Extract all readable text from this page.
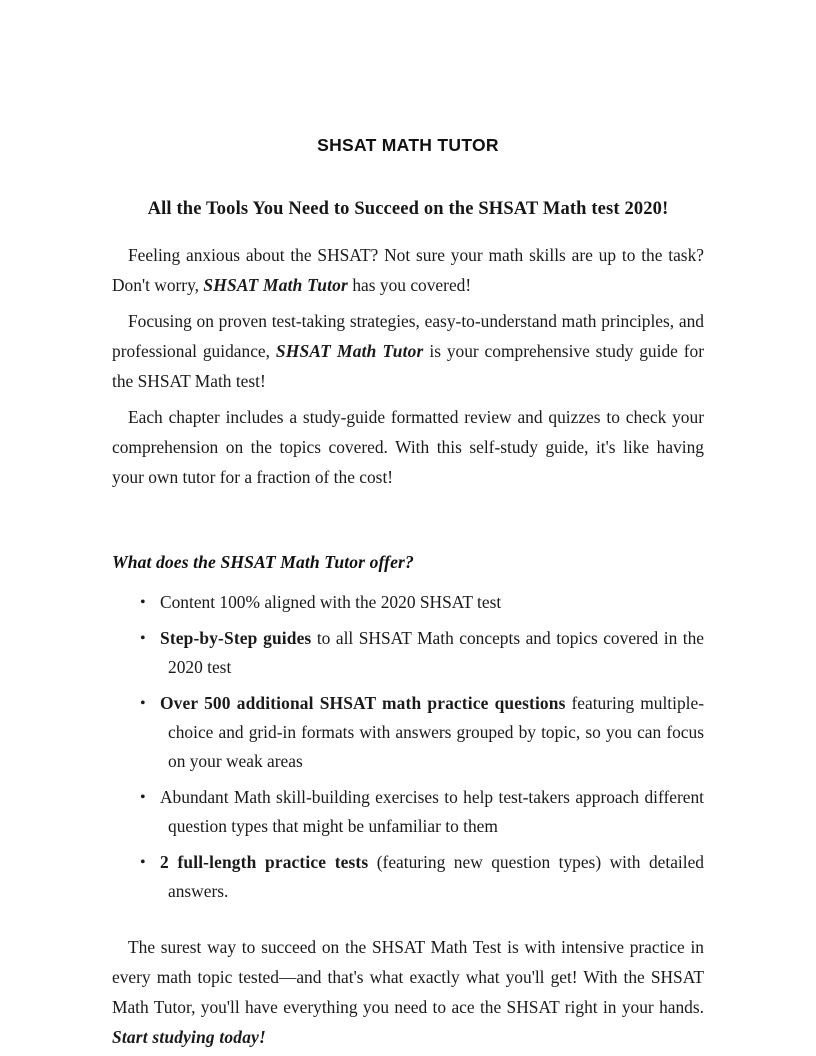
SHSAT MATH TUTOR
All the Tools You Need to Succeed on the SHSAT Math test 2020!

Feeling anxious about the SHSAT? Not sure your math skills are up to the task? Don't worry, SHSAT Math Tutor has you covered!

Focusing on proven test-taking strategies, easy-to-understand math principles, and professional guidance, SHSAT Math Tutor is your comprehensive study guide for the SHSAT Math test!

Each chapter includes a study-guide formatted review and quizzes to check your comprehension on the topics covered. With this self-study guide, it's like having your own tutor for a fraction of the cost!

What does the SHSAT Math Tutor offer?
• Content 100% aligned with the 2020 SHSAT test
• Step-by-Step guides to all SHSAT Math concepts and topics covered in the 2020 test
• Over 500 additional SHSAT math practice questions featuring multiple-choice and grid-in formats with answers grouped by topic, so you can focus on your weak areas
• Abundant Math skill-building exercises to help test-takers approach different question types that might be unfamiliar to them
• 2 full-length practice tests (featuring new question types) with detailed answers.

The surest way to succeed on the SHSAT Math Test is with intensive practice in every math topic tested—and that's what exactly what you'll get! With the SHSAT Math Tutor, you'll have everything you need to ace the SHSAT right in your hands. Start studying today!
